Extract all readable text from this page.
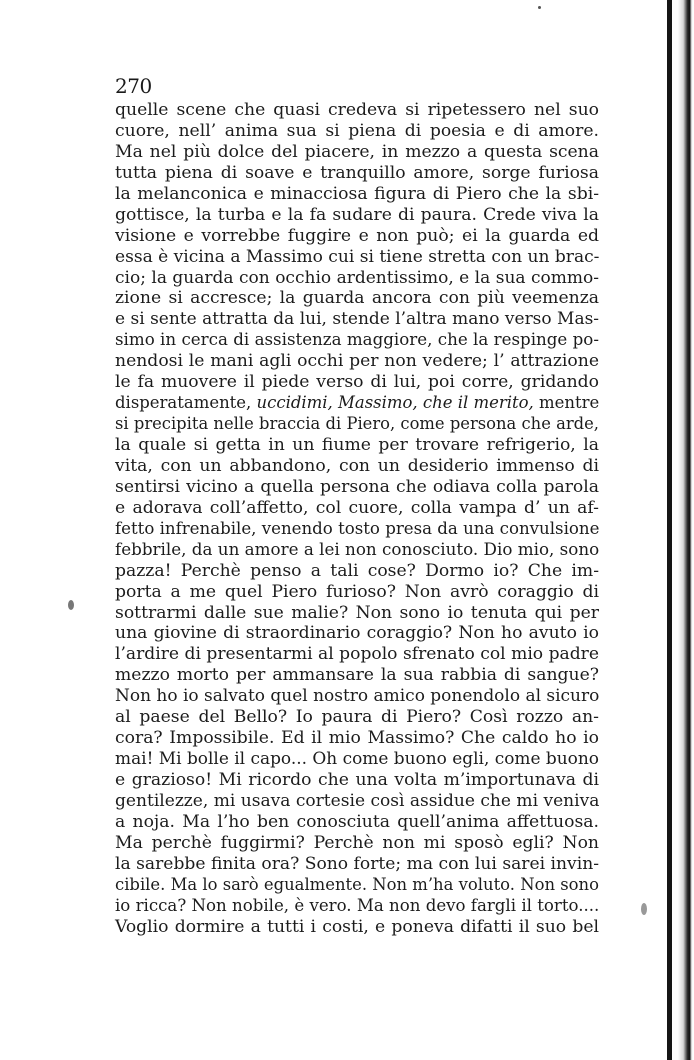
270
quelle scene che quasi credeva si ripetessero nel suo
cuore, nell’ anima sua si piena di poesia e di amore.
Ma nel più dolce del piacere, in mezzo a questa scena
tutta piena di soave e tranquillo amore, sorge furiosa
la melanconica e minacciosa figura di Piero che la sbi-
gottisce, la turba e la fa sudare di paura. Crede viva la
visione e vorrebbe fuggire e non può; ei la guarda ed
essa è vicina a Massimo cui si tiene stretta con un brac-
cio; la guarda con occhio ardentissimo, e la sua commo-
zione si accresce; la guarda ancora con più veemenza
e si sente attratta da lui, stende l’altra mano verso Mas-
simo in cerca di assistenza maggiore, che la respinge po-
nendosi le mani agli occhi per non vedere; l’ attrazione
le fa muovere il piede verso di lui, poi corre, gridando
disperatamente, uccidimi, Massimo, che il merito, mentre
si precipita nelle braccia di Piero, come persona che arde,
la quale si getta in un fiume per trovare refrigerio, la
vita, con un abbandono, con un desiderio immenso di
sentirsi vicino a quella persona che odiava colla parola
e adorava coll’affetto, col cuore, colla vampa d’ un af-
fetto infrenabile, venendo tosto presa da una convulsione
febbrile, da un amore a lei non conosciuto. Dio mio, sono
pazza! Perchè penso a tali cose? Dormo io? Che im-
porta a me quel Piero furioso? Non avrò coraggio di
sottrarmi dalle sue malie? Non sono io tenuta qui per
una giovine di straordinario coraggio? Non ho avuto io
l’ardire di presentarmi al popolo sfrenato col mio padre
mezzo morto per ammansare la sua rabbia di sangue?
Non ho io salvato quel nostro amico ponendolo al sicuro
al paese del Bello? Io paura di Piero? Così rozzo an-
cora? Impossibile. Ed il mio Massimo? Che caldo ho io
mai! Mi bolle il capo... Oh come buono egli, come buono
e grazioso! Mi ricordo che una volta m’importunava di
gentilezze, mi usava cortesie così assidue che mi veniva
a noja. Ma l’ho ben conosciuta quell’anima affettuosa.
Ma perchè fuggirmi? Perchè non mi sposò egli? Non
la sarebbe finita ora? Sono forte; ma con lui sarei invin-
cibile. Ma lo sarò egualmente. Non m’ha voluto. Non sono
io ricca? Non nobile, è vero. Ma non devo fargli il torto....
Voglio dormire a tutti i costi, e poneva difatti il suo bel
